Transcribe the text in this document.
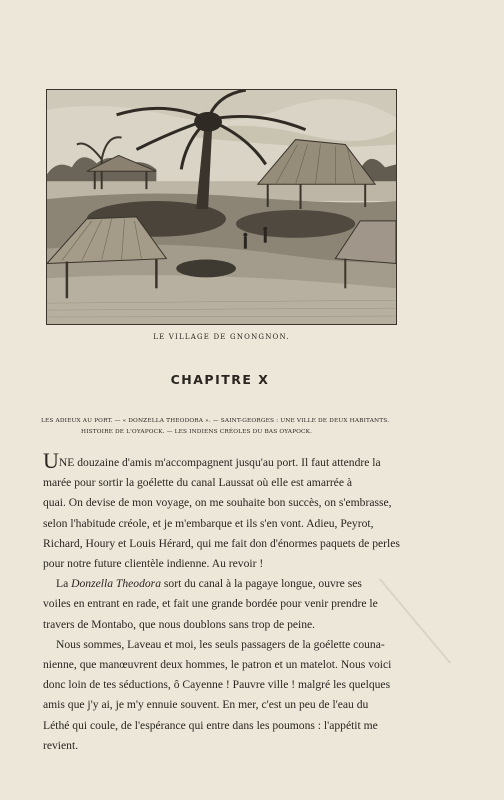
LE VILLAGE DE GNONGNON.
CHAPITRE X
LES ADIEUX AU PORT. — « DONZELLA THEODORA ». — SAINT-GEORGES : UNE VILLE DE DEUX HABITANTS.
HISTOIRE DE L'OYAPOCK. — LES INDIENS CRÉOLES DU BAS OYAPOCK.
UNE douzaine d'amis m'accompagnent jusqu'au port. Il faut attendre la
marée pour sortir la goélette du canal Laussat où elle est amarrée à
quai. On devise de mon voyage, on me souhaite bon succès, on s'embrasse,
selon l'habitude créole, et je m'embarque et ils s'en vont. Adieu, Peyrot,
Richard, Houry et Louis Hérard, qui me fait don d'énormes paquets de perles
pour notre future clientèle indienne. Au revoir !
La Donzella Theodora sort du canal à la pagaye longue, ouvre ses
voiles en entrant en rade, et fait une grande bordée pour venir prendre le
travers de Montabo, que nous doublons sans trop de peine.
Nous sommes, Laveau et moi, les seuls passagers de la goélette couna-
nienne, que manœuvrent deux hommes, le patron et un matelot. Nous voici
donc loin de tes séductions, ô Cayenne ! Pauvre ville ! malgré les quelques
amis que j'y ai, je m'y ennuie souvent. En mer, c'est un peu de l'eau du
Léthé qui coule, de l'espérance qui entre dans les poumons : l'appétit me
revient.
